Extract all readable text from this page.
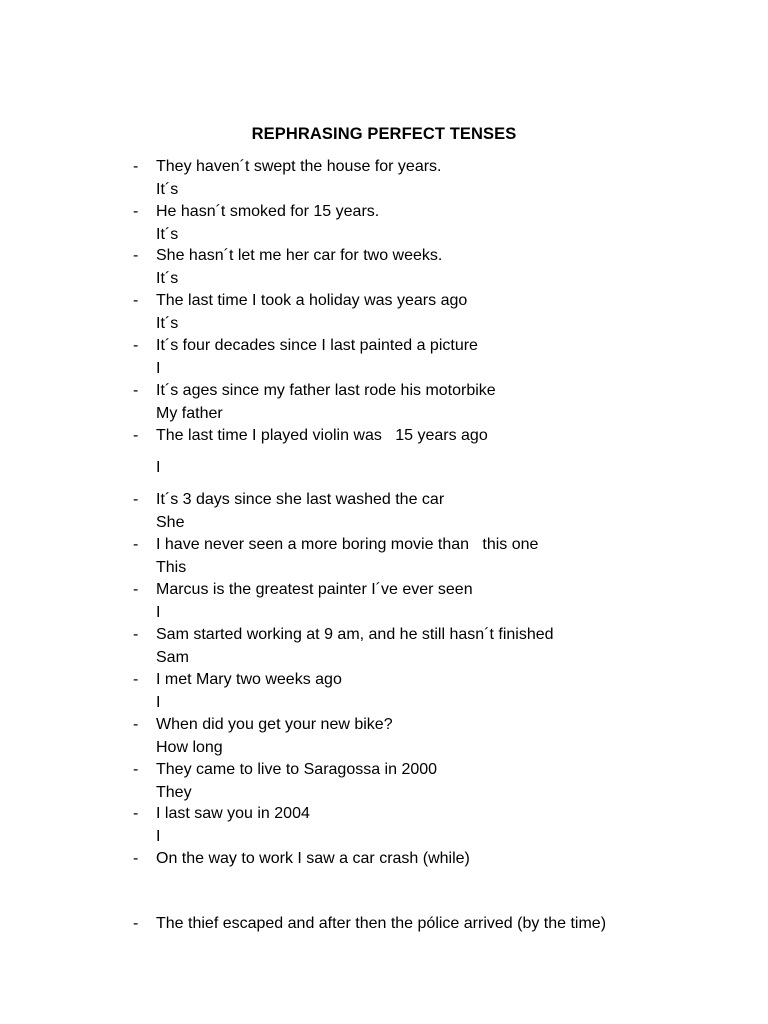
REPHRASING PERFECT TENSES
- They haven´t swept the house for years.
It´s
- He hasn´t smoked for 15 years.
It´s
- She hasn´t let me her car for two weeks.
It´s
- The last time I took a holiday was years ago
It´s
- It´s four decades since I last painted a picture
I
- It´s ages since my father last rode his motorbike
My father
- The last time I played violin was   15 years ago
I
- It´s 3 days since she last washed the car
She
- I have never seen a more boring movie than   this one
This
- Marcus is the greatest painter I´ve ever seen
I
- Sam started working at 9 am, and he still hasn´t finished
Sam
- I met Mary two weeks ago
I
- When did you get your new bike?
How long
- They came to live to Saragossa in 2000
They
- I last saw you in 2004
I
- On the way to work I saw a car crash (while)
- The thief escaped and after then the pólice arrived (by the time)
